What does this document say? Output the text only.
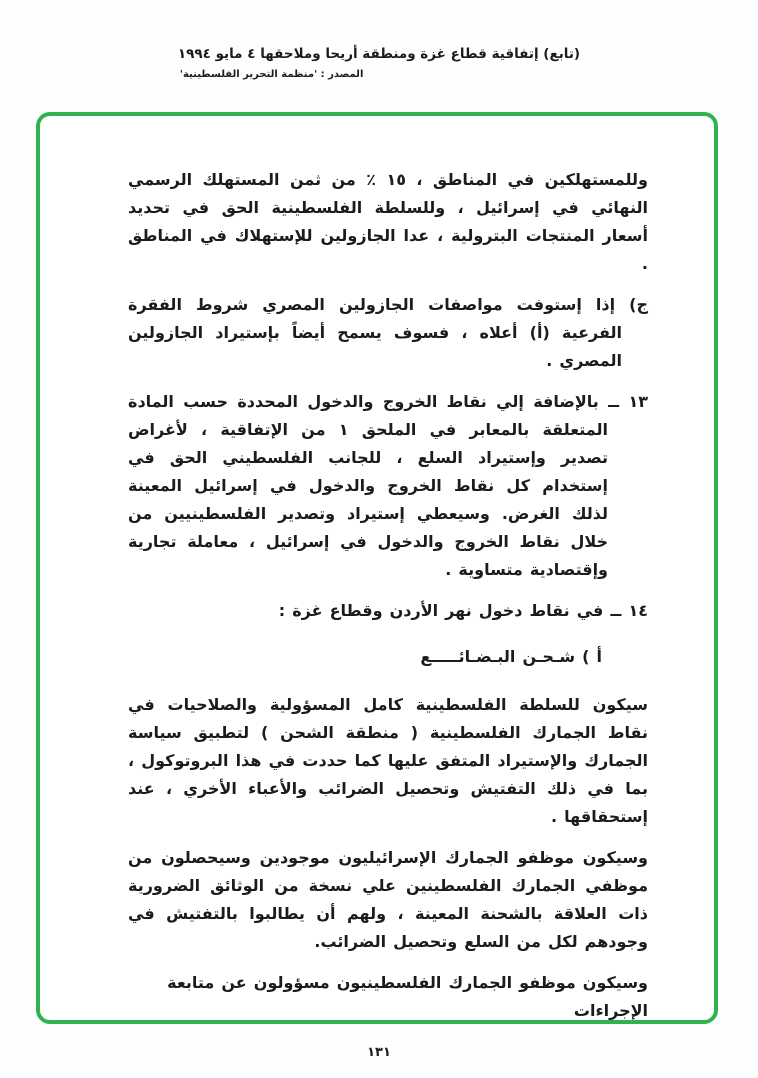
(تابع) إتفاقية قطاع غزة ومنطقة أريحا وملاحقها ٤ مايو ١٩٩٤
المصدر : 'منظمة التحرير الفلسطينية'

وللمستهلكين في المناطق ، ١٥ ٪ من ثمن المستهلك الرسمي النهائي في إسرائيل ، وللسلطة الفلسطينية الحق في تحديد أسعار المنتجات البترولية ، عدا الجازولين للإستهلاك في المناطق .

ج) إذا إستوفت مواصفات الجازولين المصري شروط الفقرة الفرعية (أ) أعلاه ، فسوف يسمح أيضاً بإستيراد الجازولين المصري .

١٣ ــ بالإضافة إلي نقاط الخروج والدخول المحددة حسب المادة المتعلقة بالمعابر في الملحق ١ من الإتفاقية ، لأغراض تصدير وإستيراد السلع ، للجانب الفلسطيني الحق في إستخدام كل نقاط الخروج والدخول في إسرائيل المعينة لذلك الغرض. وسيعطي إستيراد وتصدير الفلسطينيين من خلال نقاط الخروج والدخول في إسرائيل ، معاملة تجارية وإقتصادية متساوية .

١٤ ــ في نقاط دخول نهر الأردن وقطاع غزة :

أ ) شـحـن البـضـائـــــع

سيكون للسلطة الفلسطينية كامل المسؤولية والصلاحيات في نقاط الجمارك الفلسطينية ( منطقة الشحن ) لتطبيق سياسة الجمارك والإستيراد المتفق عليها كما حددت في هذا البروتوكول ، بما في ذلك التفتيش وتحصيل الضرائب والأعباء الأخري ، عند إستحقاقها .

وسيكون موظفو الجمارك الإسرائيليون موجودين وسيحصلون من موظفي الجمارك الفلسطينين علي نسخة من الوثائق الضرورية ذات العلاقة بالشحنة المعينة ، ولهم أن يطالبوا بالتفتيش في وجودهم لكل من السلع وتحصيل الضرائب.

وسيكون موظفو الجمارك الفلسطينيون مسؤولون عن متابعة الإجراءات

١٣١
